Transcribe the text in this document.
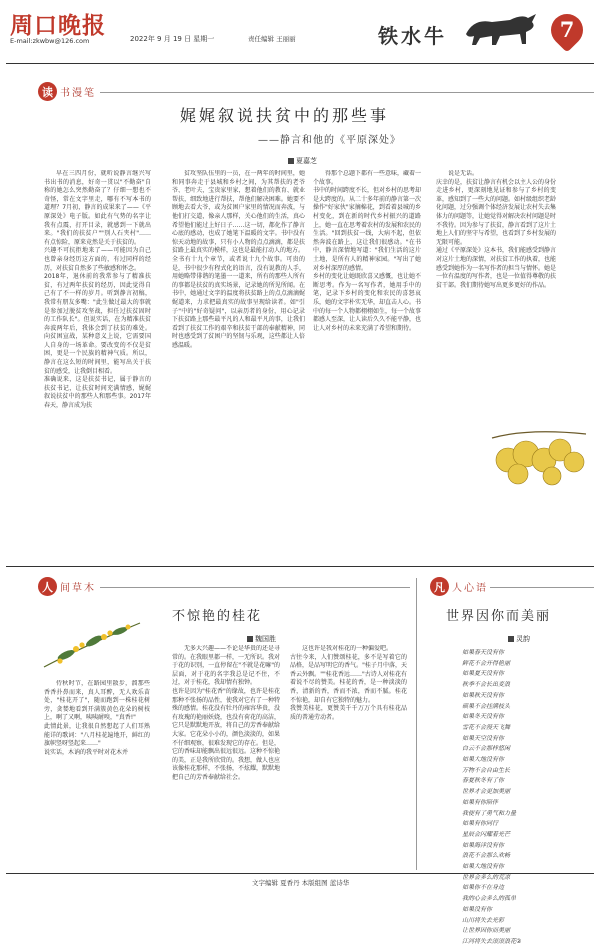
周口晚报
E-mail:zkwbw@126.com	2022年 9 月 19 日 星期一	责任编辑 王丽丽	铁水牛	7
读 书漫笔
娓娓叙说扶贫中的那些事
——静言和他的《平原深处》
夏嘉芝
早在三四月份，就听说静言继兴写书出书的消息，好奇一贯以"不勤奋"自称的她怎么突然勤奋了？仔细一想也不奇怪，常在文字里走，哪有不写本书的道理？7月初，静言的成果来了——《平原深处》电子版。如此有气势的名字让我有点震，打开目录，就感到一下就出来。"我们的扶贫户""别人石夹村"……有点惊险，原来竟然是关于扶贫的。
兴趣不可抗拒地来了——可能因为自己也曾亲身经历这方面的，有过同样的经历，对扶贫自然多了些敏感和怀念。
2018年，退休前的我常参与了精准扶贫，有过两年扶贫的经历，因此觉得自己有了不一样的岁月。听到静言初稿，我常有朋友多嘴："此生做过最大的事就是参加过脱贫攻坚战，担任过扶贫固时的工作队长"。但说实话，在为精准扶贫奔波两年后，我体会到了扶贫的难处。向贫困宣战，某种意义上说，它需要国人自身的一场革命。要改变的不仅是贫困，更是一个民族的精神气质。所以，静言在这么短的时间里，能写出关于扶贫的感受，让我倒目相看。
准确说来，这是扶贫书记，属于静言的扶贫书记，让扶贫时间充满情感，娓娓叙说扶贫中的那些人和那些事。2017年春天，静言成为扶
贫攻坚队伍里的一员，在一两年的时间里，她和同事奔走于县城和乡村之间，为其帮扶的老爷爷、老叶夫，宝贵家里家，想着他们的教育、就业帮扶，细致地进行帮扶，帮他们解决困难。她要不顾地去看大爷，或为贫困户家里的情况而奔波，与他们打交道，像亲人那样，关心他们的生活，真心希望他们能过上好日子……这一切，都化作了静言心底的感动，也成了她笔下温暖的文字。书中没有惊天动地的故事，只有小人物的点点滴滴，都是扶贫路上最真实的模样，这也是最能打动人的地方。
全书有十九个章节，或者说十九个故事。可贵的是，书中很少有程式化的语言，没有说教的人手，用她略带俳谐的笔墨一一道来，所有的那些人所有的事都是扶贫的真实场景，记录她的所见所闻。在书中，她通过文字的温度将扶贫路上的点点滴滴娓娓道来，力求把最真实的故事呈现给读者。如"引子"中的"好奇疑问"，以亲历者的身份，用心记录下扶贫路上那些最平凡的人和最平凡的事，让我们看到了扶贫工作的艰辛和扶贫干部的奉献精神，同时也感受到了贫困户的坚韧与乐观，这些都让人倍感温暖。
得那个总题下都有一些意味，藏着一个故事。
书中的时间跨度不长，但对乡村的思考却是大跨度的。从二十多年前的静言第一次操作"好家伙"家摘棉花，到看着县城的乡村变化，到在新的时代乡村振兴的道路上，她一直在思考着农村的发展和农民的生活。"回到扶贫一线，大病不起，但依然奔波在路上，这让我们很感动。"在书中，静言深情地写道："我们生活的这片土地，是所有人的精神家园。"写出了她对乡村深厚的感情。
乡村的变化让她既欣喜又感慨，也让她不断思考。作为一名写作者，她用手中的笔，记录下乡村的变化和农民的喜怒哀乐，她的文字朴实无华，却直击人心。书中的每一个人物都栩栩如生，每一个故事都感人至深，让人读后久久不能平静，也让人对乡村的未来充满了希望和期待。
说是无话。
庆幸的是，扶贫让静言有机会以主人公的身份走进乡村，更深刻地见证和参与了乡村的变革，感知到了一些大的问题。如村级组织老龄化问题，过分强调个体经济发展让农村失去集体力的问题等，让她觉得对解决农村问题是时不我待。因为参与了扶贫，静言看到了这片土地上人们的坚守与希望，也看到了乡村发展的无限可能。
通过《平原深处》这本书，我们能感受到静言对这片土地的深情，对扶贫工作的执着，也能感受到她作为一名写作者的担当与情怀。她是一位有温度的写作者，也是一位值得尊敬的扶贫干部。我们期待她写出更多更好的作品。
人 间草木
不惊艳的桂花
魏国胜
侍秋时节，在路园里散步，溜那些香香扑鼻而来，真人耳醉，无人欢乐苗处，"桂花开了"，随而跑到一株桂花树旁，贪婪地看到开满簇黄色花朵的树枝上，啊了又啊，咦咦耐嗅，"真香!"
此情此景，让我很自然想起了人们耳熟能详的歌词："八月桂花遍地开，鲜红的旗帜竖呀竖起来……"
说实话，木讷的我平时对花木并
无多大兴趣——不论是华贵的还是寻常的。在我眼里都一样，一无所识。我对于花的识别，一直停留在"不就是花嘛"的层面，对于花的名字我总是记不住，不过，对于桂花，我却情有独钟。
也许是因为"桂花香"的缘故，也许是桂花那种不张扬的品性，使我对它有了一种特殊的感情。桂花没有牡丹的雍容华贵，没有玫瑰的艳丽妖娆，也没有荷花的高洁，它只是默默地开放，将自己的芳香奉献给大家。它花朵小小的，颜色淡淡的，如果不仔细观察，很难发现它的存在。但是，它的香味却能飘出很远很远。这种不惊艳的美，正是我所欣赏的。我想，做人也应该像桂花那样，不张扬，不炫耀，默默地把自己的芳香奉献给社会。
这也许是我对桂花的一种偏爱吧。
古往今来，人们赞颂桂花，多不是写着它的品格，是品写明它的香气。"桂子月中落，天香云外飘。""桂花香远……"古诗人对桂花有着说不尽的赞美。桂花的香，是一种淡淡的香，清新的香，香而不浓，香而不腻。桂花不惊艳，却自有它独特的魅力。
我赞美桂花，更赞美千千万万个具有桂花品质的普通劳动者。
凡 人心语
世界因你而美丽
灵韵
如果春天没有你
鲜花不会开得艳丽
如果夏天没有你
秋季不会长出麦浪
如果秋天没有你
硕果不会挂满枝头
如果冬天没有你
雪花不会漫天飞舞
如果天空没有你
白云不会那样悠闲
如果大地没有你
万物不会自由生长
春夏秋冬有了你
世界才会更加美丽
如果有你陪伴
我便有了勇气和力量
如果有你同行
星辰会闪耀着光芒
如果海洋没有你
浪花不会那么欢畅
如果大地没有你
世界会多么的荒凉
如果你不在身边
我的心会多么的孤单
如果没有你
山川将失去光彩
让世界因你而美丽
江河将失去滚滚浪花②
文字编辑 夏香丹 本版组图 蓝诗华
